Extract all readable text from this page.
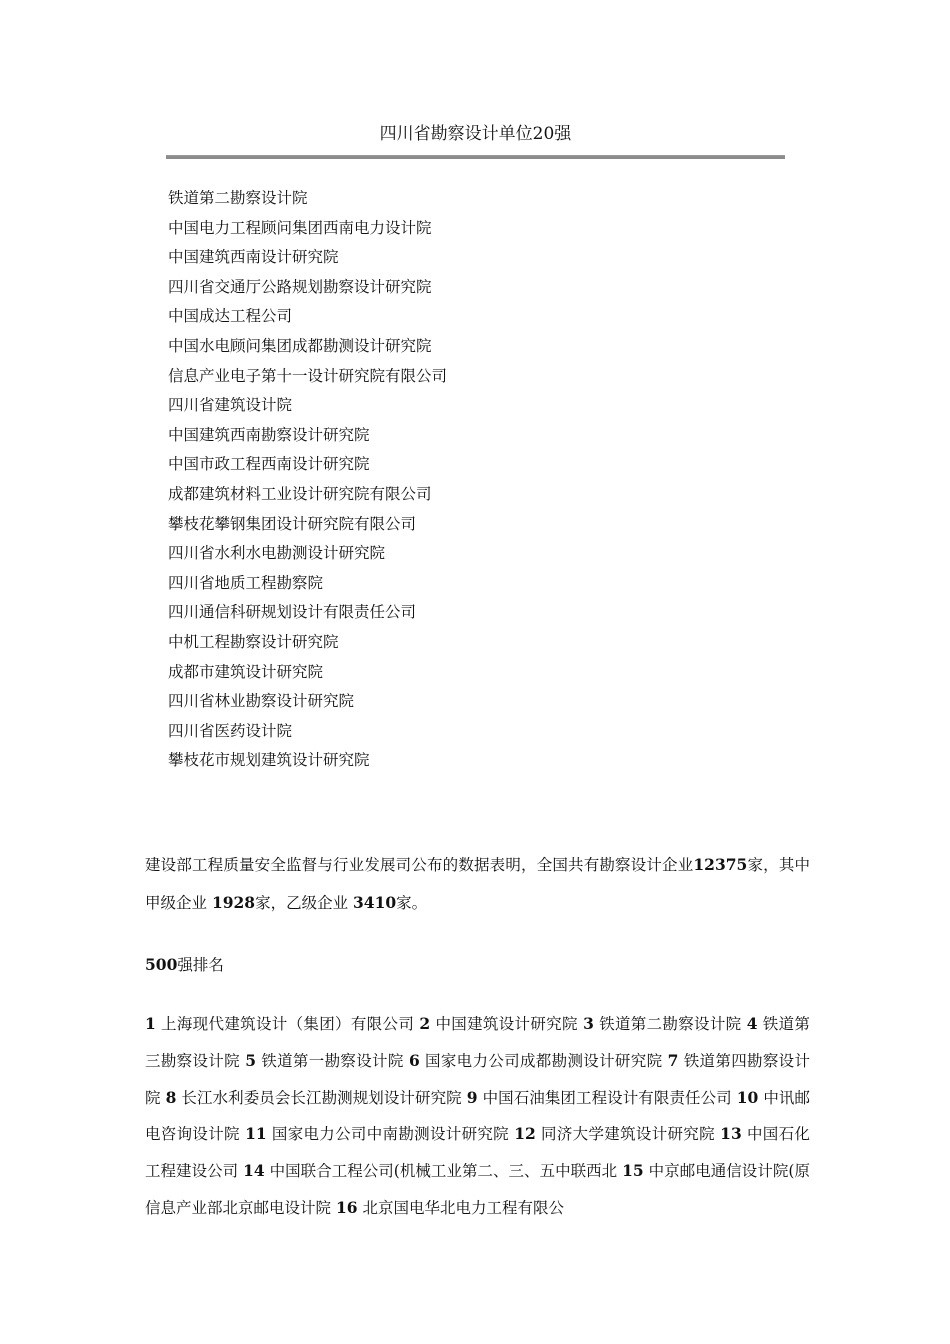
四川省勘察设计单位20强
铁道第二勘察设计院
中国电力工程顾问集团西南电力设计院
中国建筑西南设计研究院
四川省交通厅公路规划勘察设计研究院
中国成达工程公司
中国水电顾问集团成都勘测设计研究院
信息产业电子第十一设计研究院有限公司
四川省建筑设计院
中国建筑西南勘察设计研究院
中国市政工程西南设计研究院
成都建筑材料工业设计研究院有限公司
攀枝花攀钢集团设计研究院有限公司
四川省水利水电勘测设计研究院
四川省地质工程勘察院
四川通信科研规划设计有限责任公司
中机工程勘察设计研究院
成都市建筑设计研究院
四川省林业勘察设计研究院
四川省医药设计院
攀枝花市规划建筑设计研究院

建设部工程质量安全监督与行业发展司公布的数据表明，全国共有勘察设计企业12375家，其中甲级企业 1928家，乙级企业 3410家。

500强排名

1 上海现代建筑设计（集团）有限公司 2 中国建筑设计研究院 3 铁道第二勘察设计院 4 铁道第三勘察设计院 5 铁道第一勘察设计院 6 国家电力公司成都勘测设计研究院 7 铁道第四勘察设计院 8 长江水利委员会长江勘测规划设计研究院 9 中国石油集团工程设计有限责任公司 10 中讯邮电咨询设计院 11 国家电力公司中南勘测设计研究院 12 同济大学建筑设计研究院 13 中国石化工程建设公司 14 中国联合工程公司(机械工业第二、三、五中联西北 15 中京邮电通信设计院(原信息产业部北京邮电设计院 16 北京国电华北电力工程有限公
